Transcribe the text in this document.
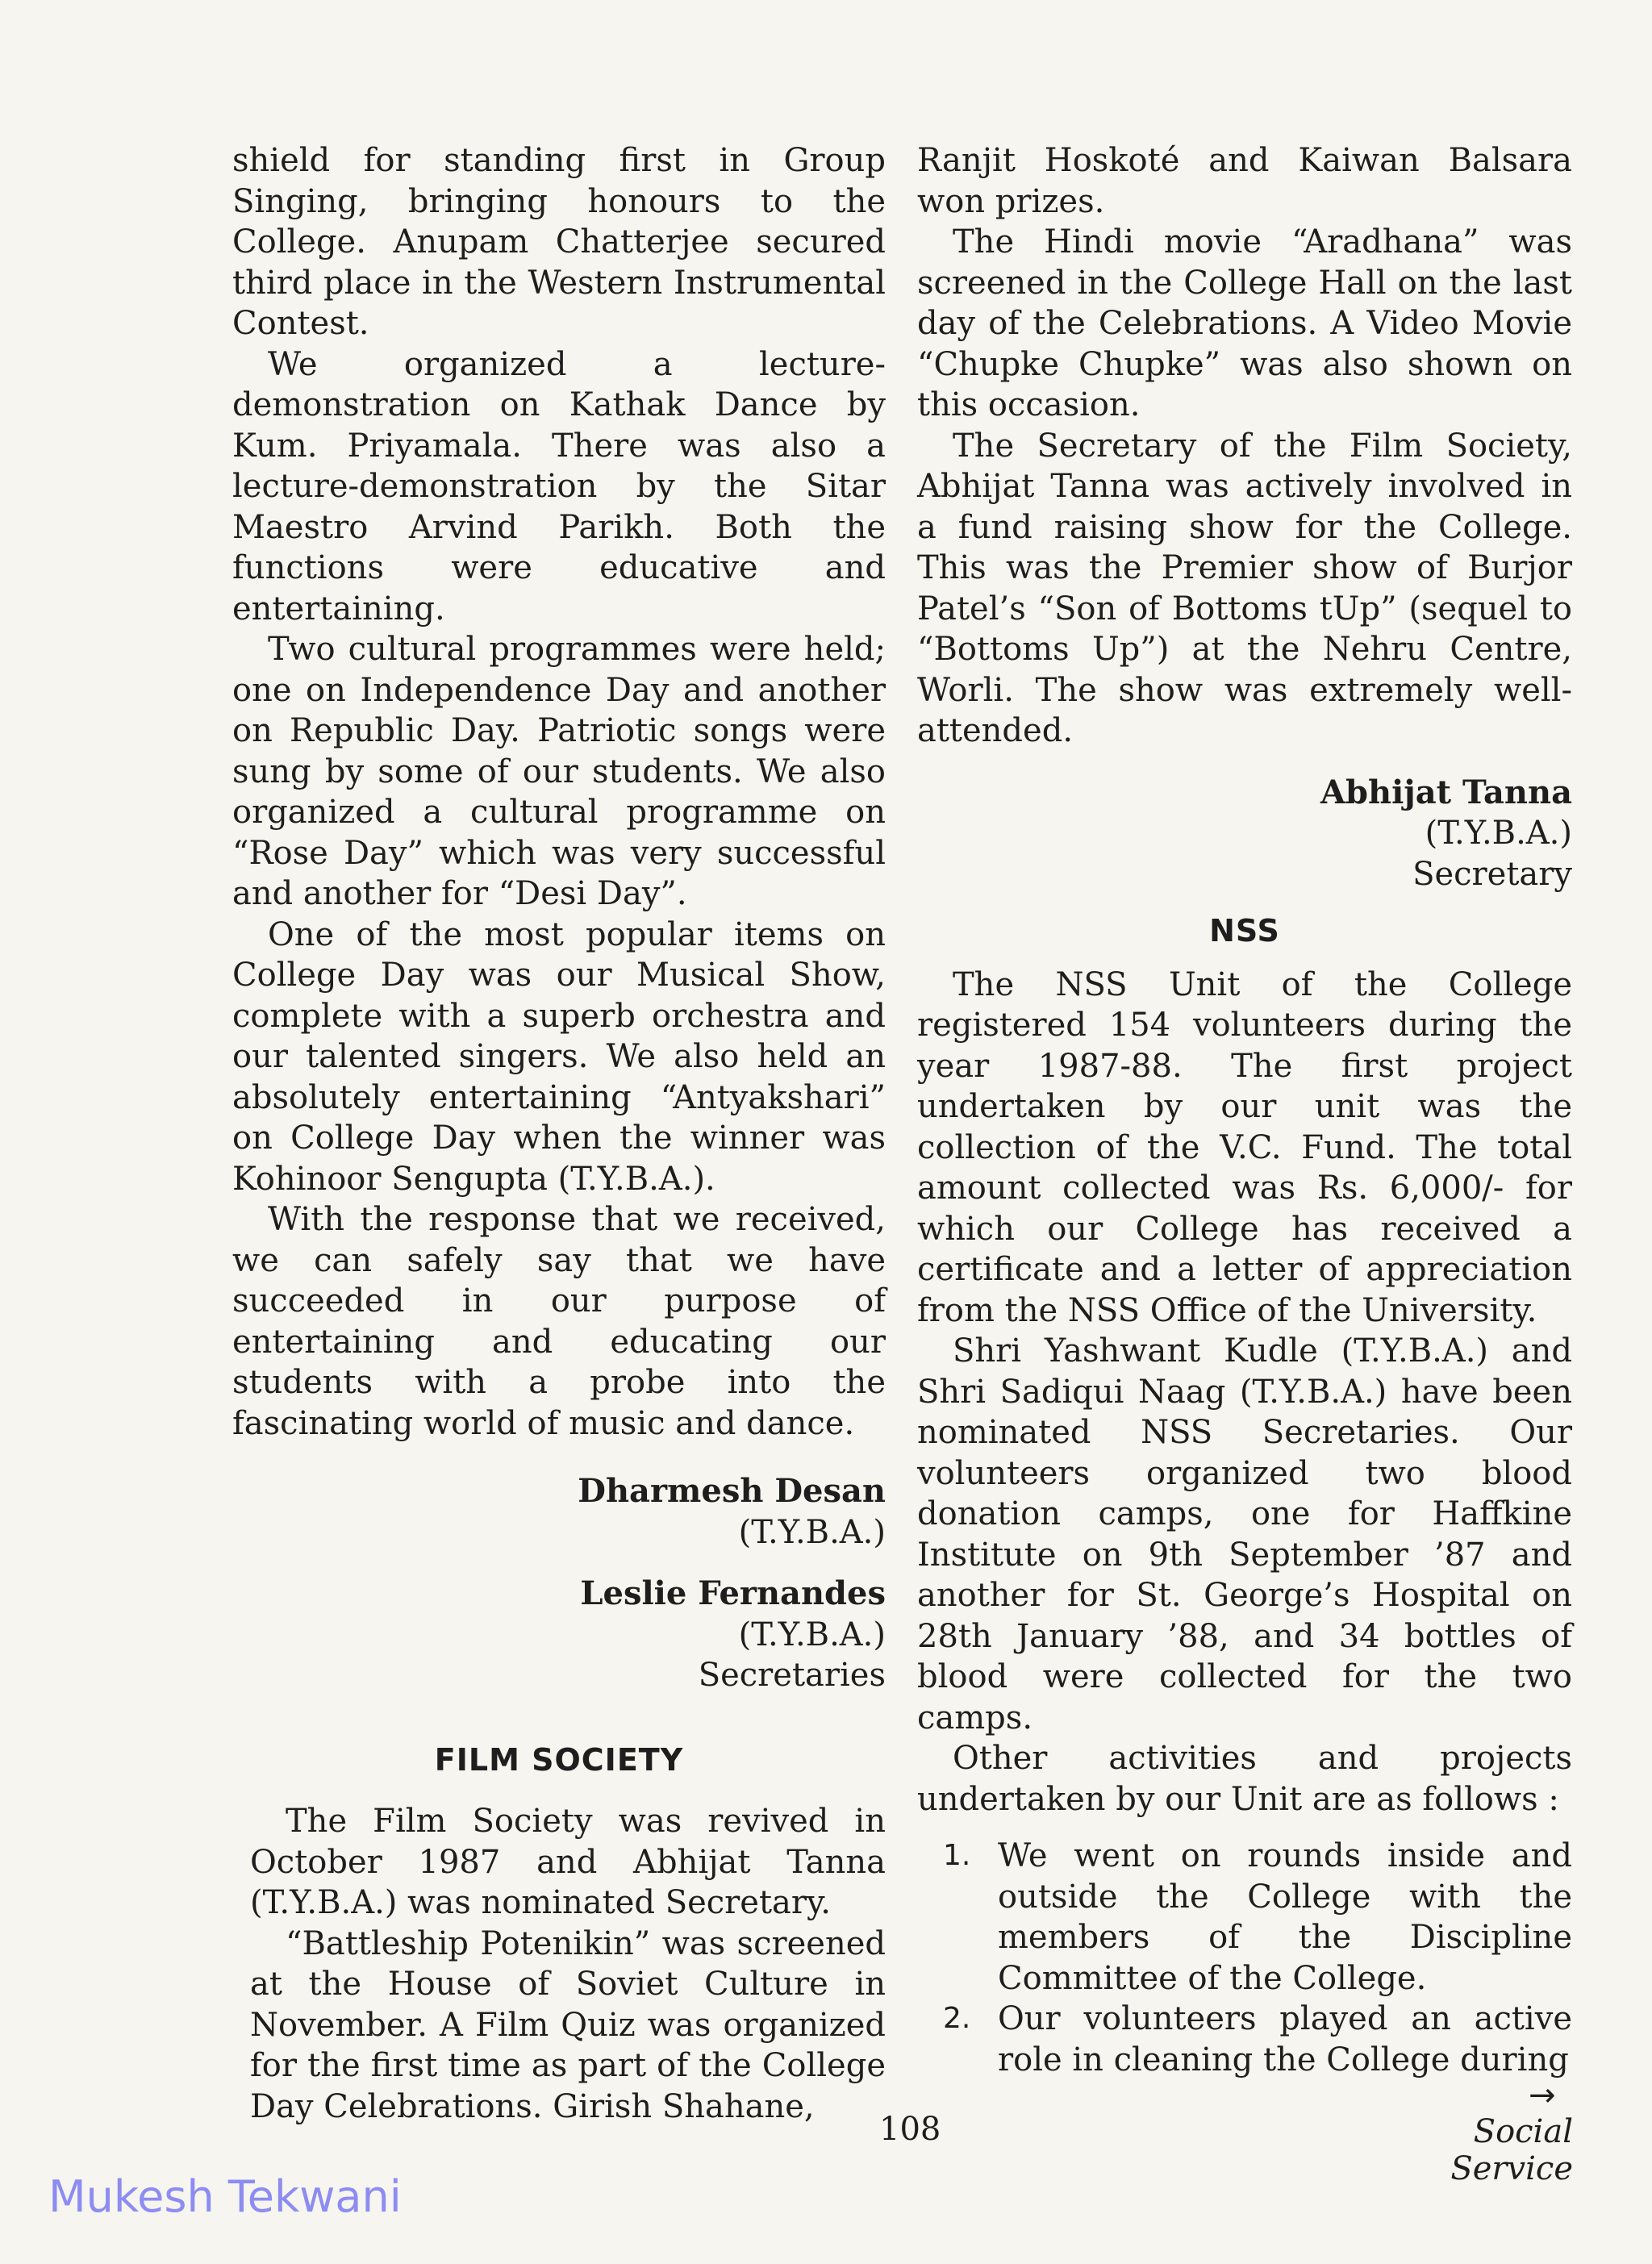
shield for standing first in Group Singing, bringing honours to the College. Anupam Chatterjee secured third place in the Western Instrumental Contest.

We organized a lecture-demonstration on Kathak Dance by Kum. Priyamala. There was also a lecture-demonstration by the Sitar Maestro Arvind Parikh. Both the functions were educative and entertaining.

Two cultural programmes were held; one on Independence Day and another on Republic Day. Patriotic songs were sung by some of our students. We also organized a cultural programme on “Rose Day” which was very successful and another for “Desi Day”.

One of the most popular items on College Day was our Musical Show, complete with a superb orchestra and our talented singers. We also held an absolutely entertaining “Antyakshari” on College Day when the winner was Kohinoor Sengupta (T.Y.B.A.).

With the response that we received, we can safely say that we have succeeded in our purpose of entertaining and educating our students with a probe into the fascinating world of music and dance.

Dharmesh Desan
(T.Y.B.A.)
Leslie Fernandes
(T.Y.B.A.)
Secretaries
FILM SOCIETY

The Film Society was revived in October 1987 and Abhijat Tanna (T.Y.B.A.) was nominated Secretary.

“Battleship Potenikin” was screened at the House of Soviet Culture in November. A Film Quiz was organized for the first time as part of the College Day Celebrations. Girish Shahane,

Ranjit Hoskoté and Kaiwan Balsara won prizes.

The Hindi movie “Aradhana” was screened in the College Hall on the last day of the Celebrations. A Video Movie “Chupke Chupke” was also shown on this occasion.

The Secretary of the Film Society, Abhijat Tanna was actively involved in a fund raising show for the College. This was the Premier show of Burjor Patel’s “Son of Bottoms tUp” (sequel to “Bottoms Up”) at the Nehru Centre, Worli. The show was extremely well-attended.

Abhijat Tanna
(T.Y.B.A.)
Secretary
NSS

The NSS Unit of the College registered 154 volunteers during the year 1987-88. The first project undertaken by our unit was the collection of the V.C. Fund. The total amount collected was Rs. 6,000/- for which our College has received a certificate and a letter of appreciation from the NSS Office of the University.

Shri Yashwant Kudle (T.Y.B.A.) and Shri Sadiqui Naag (T.Y.B.A.) have been nominated NSS Secretaries. Our volunteers organized two blood donation camps, one for Haffkine Institute on 9th September ’87 and another for St. George’s Hospital on 28th January ’88, and 34 bottles of blood were collected for the two camps.

Other activities and projects undertaken by our Unit are as follows :

1. We went on rounds inside and outside the College with the members of the Discipline Committee of the College.
2. Our volunteers played an active role in cleaning the College during
108
→
Social Service
Mukesh Tekwani
